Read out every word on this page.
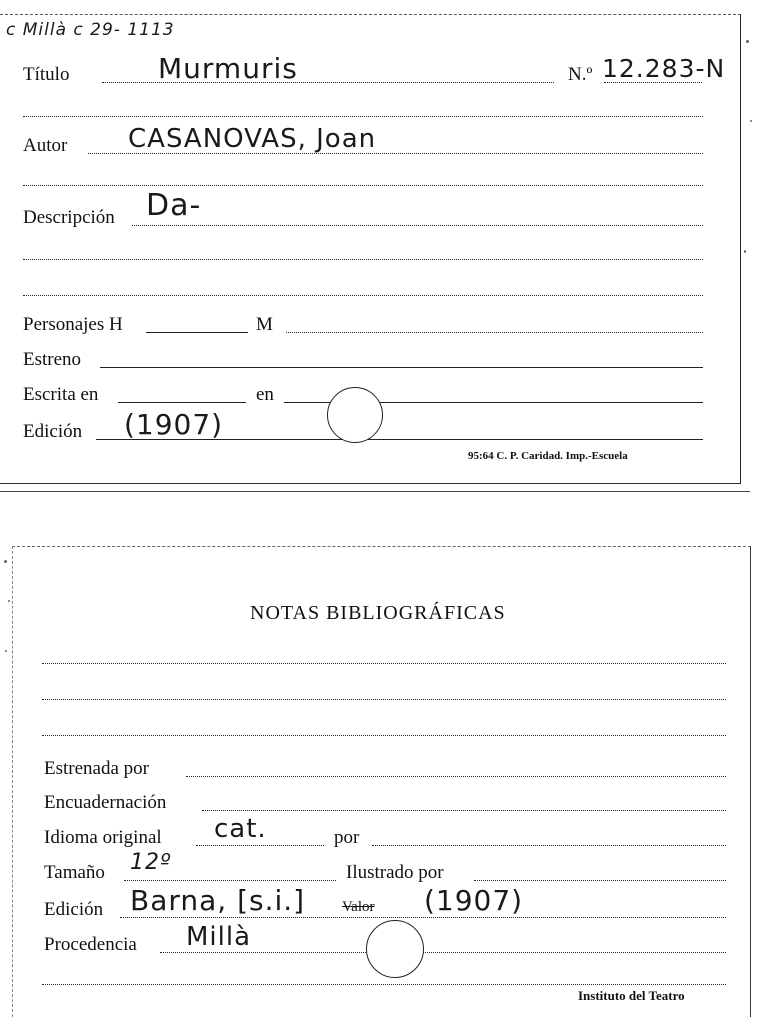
c Millà c 29- 1113
Título	Murmuris	N.º 12.283-N
Autor CASANOVAS, Joan
Descripción Da-
Personajes H	M
Estreno
Escrita en	en
Edición (1907)
95:64 C. P. Caridad. Imp.-Escuela
NOTAS BIBLIOGRÁFICAS
Estrenada por
Encuadernación
Idioma original cat.	por
Tamaño 12º	Ilustrado por
Edición Barna, [s.i.] Valor (1907)
Procedencia Millà
Instituto del Teatro
